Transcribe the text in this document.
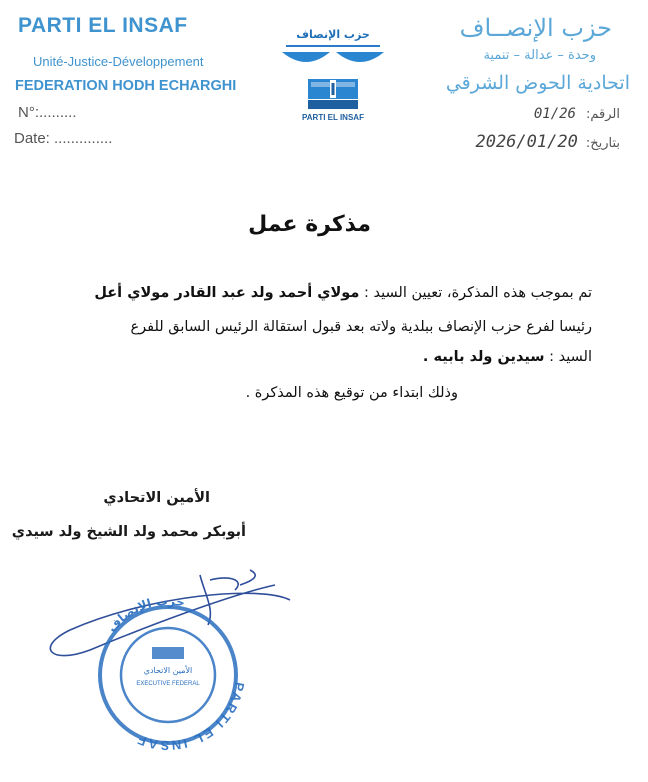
PARTI EL INSAF
Unité-Justice-Développement
FEDERATION HODH ECHARGHI
N°:.........
Date: ..............
حزب الإنصاف
PARTI EL INSAF
حزب الإنصــاف
وحدة – عدالة – تنمية
اتحادية الحوض الشرقي
الرقم:01/26
بتاريخ:2026/01/20
مذكرة عمل
تم بموجب هذه المذكرة، تعيين السيد : مولاي أحمد ولد عبد القادر مولاي أعل
رئيسا لفرع حزب الإنصاف ببلدية ولاته بعد قبول استقالة الرئيس السابق للفرع
السيد : سيدين ولد بابيه .
وذلك ابتداء من توقيع هذه المذكرة .
الأمين الاتحادي
أبوبكر محمد ولد الشيخ ولد سيدي
PARTI EL INSAF
حزب الإنصاف
الأمين الاتحادي
EXECUTIVE FEDERAL
